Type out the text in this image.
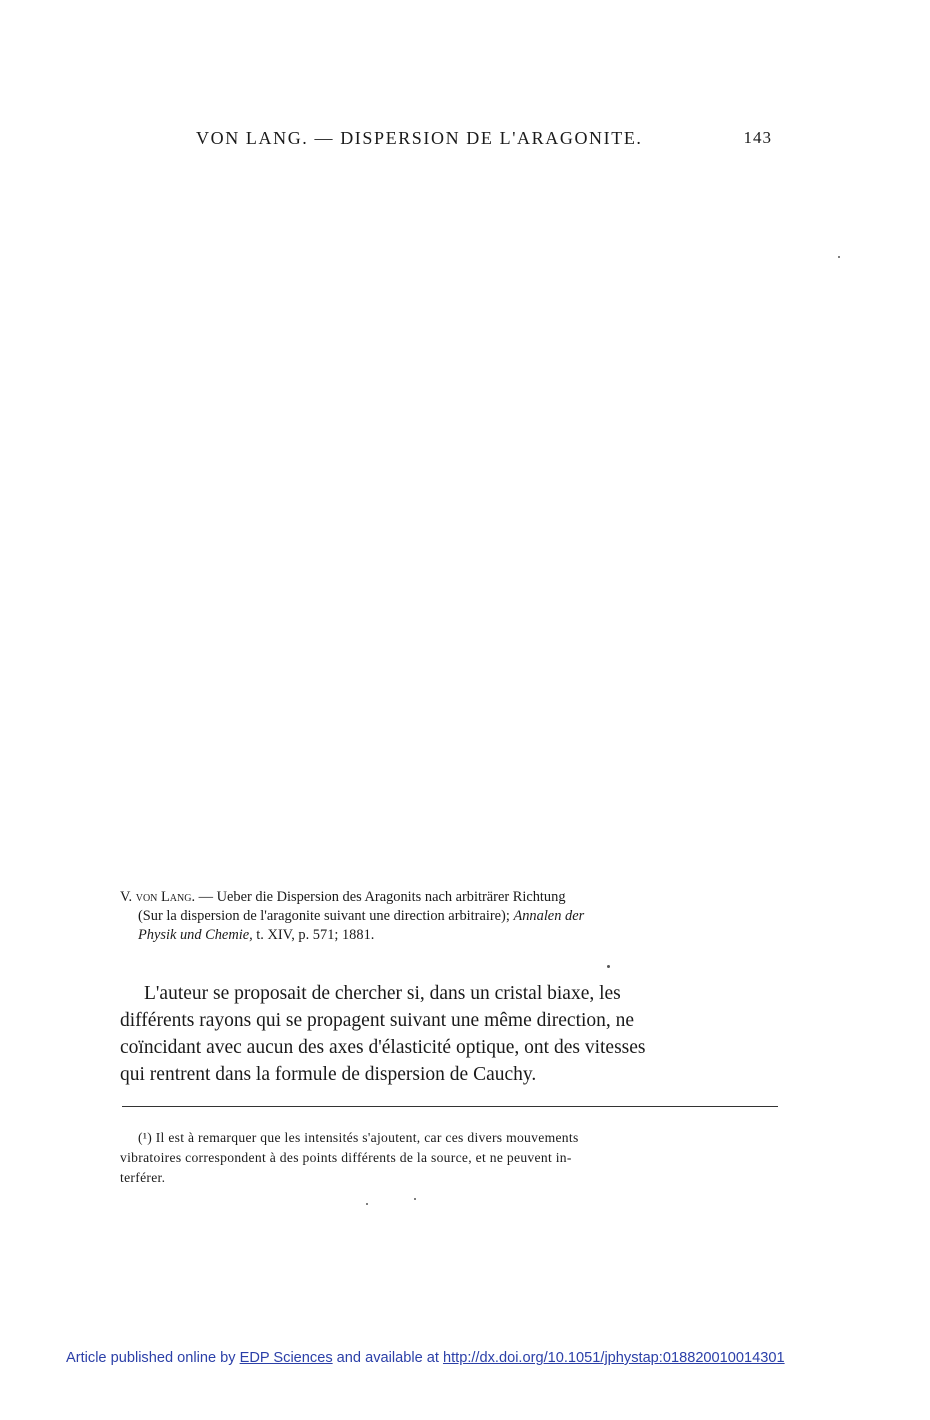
VON LANG. — DISPERSION DE L'ARAGONITE.	143
V. von Lang. — Ueber die Dispersion des Aragonits nach arbiträrer Richtung
(Sur la dispersion de l'aragonite suivant une direction arbitraire); Annalen der
Physik und Chemie, t. XIV, p. 571; 1881.
L'auteur se proposait de chercher si, dans un cristal biaxe, les
différents rayons qui se propagent suivant une même direction, ne
coïncidant avec aucun des axes d'élasticité optique, ont des vitesses
qui rentrent dans la formule de dispersion de Cauchy.
(¹) Il est à remarquer que les intensités s'ajoutent, car ces divers mouvements
vibratoires correspondent à des points différents de la source, et ne peuvent in-
terférer.
Article published online by EDP Sciences and available at http://dx.doi.org/10.1051/jphystap:018820010014301
